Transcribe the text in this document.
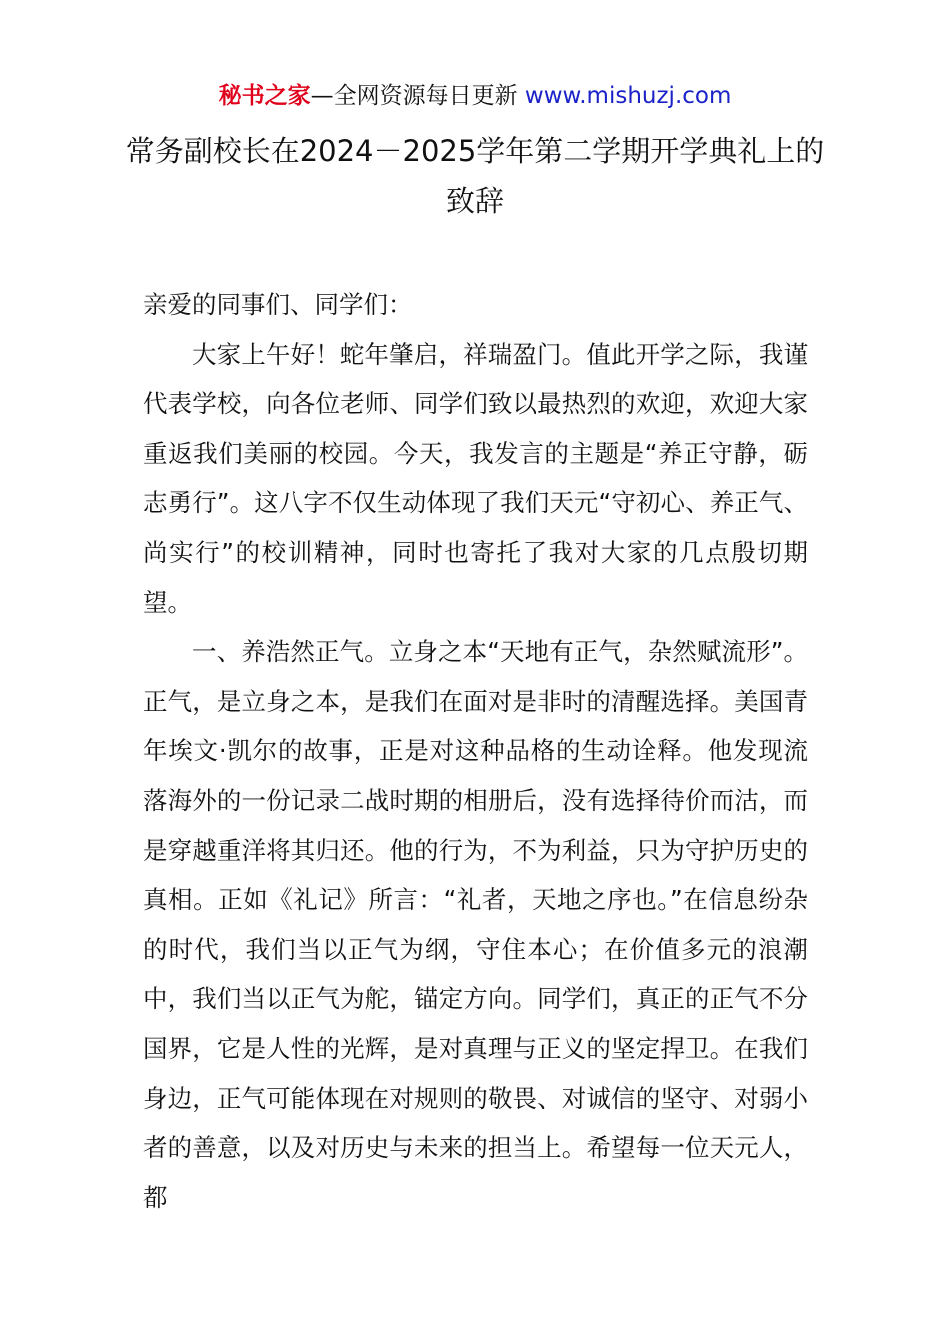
秘书之家—全网资源每日更新 www.mishuzj.com
常务副校长在2024－2025学年第二学期开学典礼上的致辞

亲爱的同事们、同学们：

大家上午好！蛇年肇启，祥瑞盈门。值此开学之际，我谨代表学校，向各位老师、同学们致以最热烈的欢迎，欢迎大家重返我们美丽的校园。今天，我发言的主题是“养正守静，砺志勇行”。这八字不仅生动体现了我们天元“守初心、养正气、尚实行”的校训精神，同时也寄托了我对大家的几点殷切期望。

一、养浩然正气。立身之本“天地有正气，杂然赋流形”。正气，是立身之本，是我们在面对是非时的清醒选择。美国青年埃文·凯尔的故事，正是对这种品格的生动诠释。他发现流落海外的一份记录二战时期的相册后，没有选择待价而沽，而是穿越重洋将其归还。他的行为，不为利益，只为守护历史的真相。正如《礼记》所言：“礼者，天地之序也。”在信息纷杂的时代，我们当以正气为纲，守住本心；在价值多元的浪潮中，我们当以正气为舵，锚定方向。同学们，真正的正气不分国界，它是人性的光辉，是对真理与正义的坚定捍卫。在我们身边，正气可能体现在对规则的敬畏、对诚信的坚守、对弱小者的善意，以及对历史与未来的担当上。希望每一位天元人，都
